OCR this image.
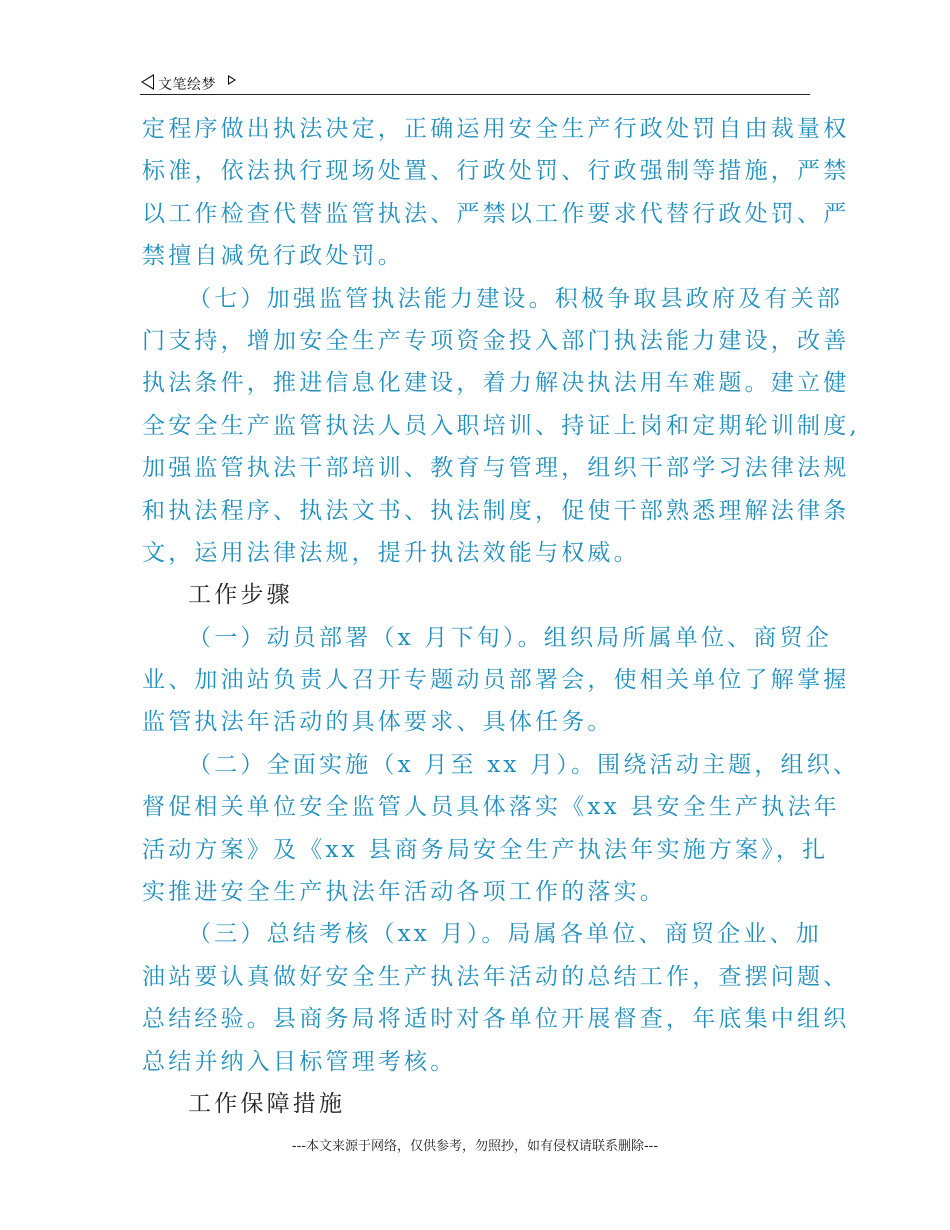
文笔绘梦
定程序做出执法决定，正确运用安全生产行政处罚自由裁量权
标准，依法执行现场处置、行政处罚、行政强制等措施，严禁
以工作检查代替监管执法、严禁以工作要求代替行政处罚、严
禁擅自减免行政处罚。
（七）加强监管执法能力建设。积极争取县政府及有关部
门支持，增加安全生产专项资金投入部门执法能力建设，改善
执法条件，推进信息化建设，着力解决执法用车难题。建立健
全安全生产监管执法人员入职培训、持证上岗和定期轮训制度,
加强监管执法干部培训、教育与管理，组织干部学习法律法规
和执法程序、执法文书、执法制度，促使干部熟悉理解法律条
文，运用法律法规，提升执法效能与权威。
工作步骤
（一）动员部署（x 月下旬）。组织局所属单位、商贸企
业、加油站负责人召开专题动员部署会，使相关单位了解掌握
监管执法年活动的具体要求、具体任务。
（二）全面实施（x 月至 xx 月）。围绕活动主题，组织、
督促相关单位安全监管人员具体落实《xx 县安全生产执法年
活动方案》及《xx 县商务局安全生产执法年实施方案》，扎
实推进安全生产执法年活动各项工作的落实。
（三）总结考核（xx 月）。局属各单位、商贸企业、加
油站要认真做好安全生产执法年活动的总结工作，查摆问题、
总结经验。县商务局将适时对各单位开展督查，年底集中组织
总结并纳入目标管理考核。
工作保障措施
---本文来源于网络，仅供参考，勿照抄，如有侵权请联系删除---
